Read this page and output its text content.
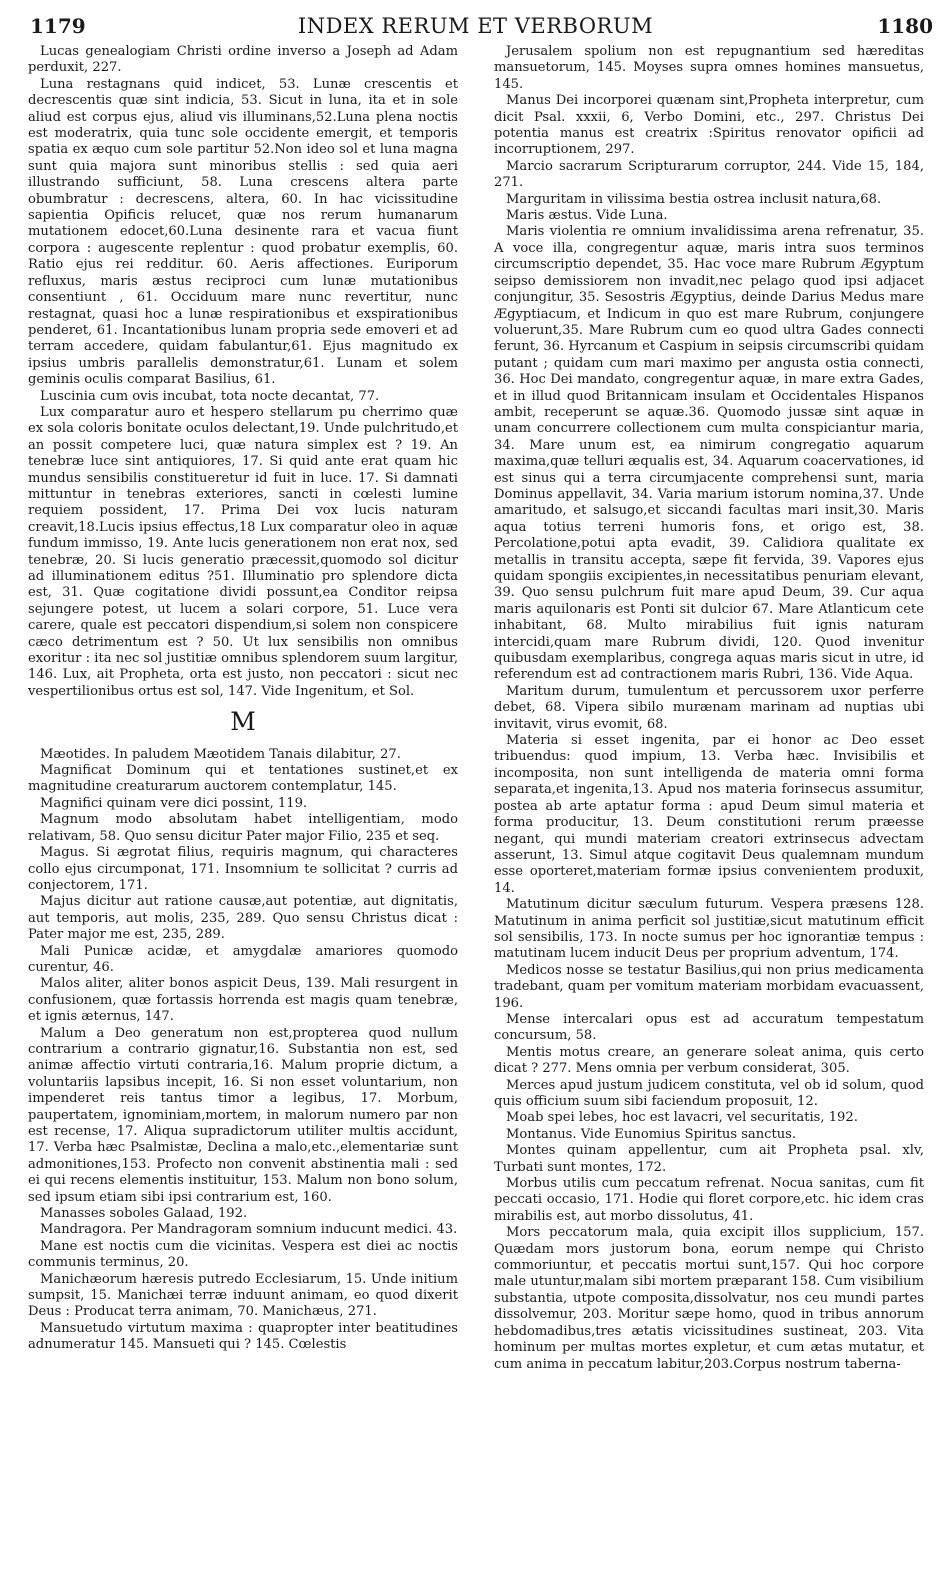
1179	INDEX RERUM ET VERBORUM	1180

Lucas genealogiam Christi ordine inverso a Joseph ad Adam perduxit, 227.

Luna restagnans quid indicet, 53. Lunæ crescentis et decrescentis quæ sint indicia, 53. Sicut in luna, ita et in sole aliud est corpus ejus, aliud vis illuminans,52.Luna plena noctis est moderatrix, quia tunc sole occidente emergit, et temporis spatia ex æquo cum sole partitur 52.Non ideo sol et luna magna sunt quia majora sunt minoribus stellis : sed quia aeri illustrando sufficiunt, 58. Luna crescens altera parte obumbratur : decrescens, altera, 60. In hac vicissitudine sapientia Opificis relucet, quæ nos rerum humanarum mutationem edocet,60.Luna desinente rara et vacua fiunt corpora : augescente replentur : quod probatur exemplis, 60. Ratio ejus rei redditur. 60. Aeris affectiones. Euriporum refluxus, maris æstus reciproci cum lunæ mutationibus consentiunt , 61. Occiduum mare nunc revertitur, nunc restagnat, quasi hoc a lunæ respirationibus et exspirationibus penderet, 61. Incantationibus lunam propria sede emoveri et ad terram accedere, quidam fabulantur,61. Ejus magnitudo ex ipsius umbris parallelis demonstratur,61. Lunam et solem geminis oculis comparat Basilius, 61.

Luscinia cum ovis incubat, tota nocte decantat, 77.

Lux comparatur auro et hespero stellarum pu cherrimo quæ ex sola coloris bonitate oculos delectant,19. Unde pulchritudo,et an possit competere luci, quæ natura simplex est ? 19. An tenebræ luce sint antiquiores, 17. Si quid ante erat quam hic mundus sensibilis constitueretur id fuit in luce. 17. Si damnati mittuntur in tenebras exteriores, sancti in cœlesti lumine requiem possident, 17. Prima Dei vox lucis naturam creavit,18.Lucis ipsius effectus,18 Lux comparatur oleo in aquæ fundum immisso, 19. Ante lucis generationem non erat nox, sed tenebræ, 20. Si lucis generatio præcessit,quomodo sol dicitur ad illuminationem editus ?51. Illuminatio pro splendore dicta est, 31. Quæ cogitatione dividi possunt,ea Conditor reipsa sejungere potest, ut lucem a solari corpore, 51. Luce vera carere, quale est peccatori dispendium,si solem non conspicere cæco detrimentum est ? 50. Ut lux sensibilis non omnibus exoritur : ita nec sol justitiæ omnibus splendorem suum largitur, 146. Lux, ait Propheta, orta est justo, non peccatori : sicut nec vespertilionibus ortus est sol, 147. Vide Ingenitum, et Sol.

M

Mæotides. In paludem Mæotidem Tanais dilabitur, 27.

Magnificat Dominum qui et tentationes sustinet,et ex magnitudine creaturarum auctorem contemplatur, 145.

Magnifici quinam vere dici possint, 119.

Magnum modo absolutam habet intelligentiam, modo relativam, 58. Quo sensu dicitur Pater major Filio, 235 et seq.

Magus. Si ægrotat filius, requiris magnum, qui characteres collo ejus circumponat, 171. Insomnium te sollicitat ? curris ad conjectorem, 171.

Majus dicitur aut ratione causæ,aut potentiæ, aut dignitatis, aut temporis, aut molis, 235, 289. Quo sensu Christus dicat : Pater major me est, 235, 289.

Mali Punicæ acidæ, et amygdalæ amariores quomodo curentur, 46.

Malos aliter, aliter bonos aspicit Deus, 139. Mali resurgent in confusionem, quæ fortassis horrenda est magis quam tenebræ, et ignis æternus, 147.

Malum a Deo generatum non est,propterea quod nullum contrarium a contrario gignatur,16. Substantia non est, sed animæ affectio virtuti contraria,16. Malum proprie dictum, a voluntariis lapsibus incepit, 16. Si non esset voluntarium, non impenderet reis tantus timor a legibus, 17. Morbum, paupertatem, ignominiam,mortem, in malorum numero par non est recense, 17. Aliqua supradictorum utiliter multis accidunt, 17. Verba hæc Psalmistæ, Declina a malo,etc.,elementariæ sunt admonitiones,153. Profecto non convenit abstinentia mali : sed ei qui recens elementis instituitur, 153. Malum non bono solum, sed ipsum etiam sibi ipsi contrarium est, 160.

Manasses soboles Galaad, 192.

Mandragora. Per Mandragoram somnium inducunt medici. 43.

Mane est noctis cum die vicinitas. Vespera est diei ac noctis communis terminus, 20.

Manichæorum hæresis putredo Ecclesiarum, 15. Unde initium sumpsit, 15. Manichæi terræ induunt animam, eo quod dixerit Deus : Producat terra animam, 70. Manichæus, 271.

Mansuetudo virtutum maxima : quapropter inter beatitudines adnumeratur 145. Mansueti qui ? 145. Cœlestis

Jerusalem spolium non est repugnantium sed hæreditas mansuetorum, 145. Moyses supra omnes homines mansuetus, 145.

Manus Dei incorporei quænam sint,Propheta interpretur, cum dicit Psal. xxxii, 6, Verbo Domini, etc., 297. Christus Dei potentia manus est creatrix :Spiritus renovator opificii ad incorruptionem, 297.

Marcio sacrarum Scripturarum corruptor, 244. Vide 15, 184, 271.

Marguritam in vilissima bestia ostrea inclusit natura,68.

Maris æstus. Vide Luna.

Maris violentia re omnium invalidissima arena refrenatur, 35. A voce illa, congregentur aquæ, maris intra suos terminos circumscriptio dependet, 35. Hac voce mare Rubrum Ægyptum seipso demissiorem non invadit,nec pelago quod ipsi adjacet conjungitur, 35. Sesostris Ægyptius, deinde Darius Medus mare Ægyptiacum, et Indicum in quo est mare Rubrum, conjungere voluerunt,35. Mare Rubrum cum eo quod ultra Gades connecti ferunt, 36. Hyrcanum et Caspium in seipsis circumscribi quidam putant ; quidam cum mari maximo per angusta ostia connecti, 36. Hoc Dei mandato, congregentur aquæ, in mare extra Gades, et in illud quod Britannicam insulam et Occidentales Hispanos ambit, receperunt se aquæ.36. Quomodo jussæ sint aquæ in unam concurrere collectionem cum multa conspiciantur maria, 34. Mare unum est, ea nimirum congregatio aquarum maxima,quæ telluri æqualis est, 34. Aquarum coacervationes, id est sinus qui a terra circumjacente comprehensi sunt, maria Dominus appellavit, 34. Varia marium istorum nomina,37. Unde amaritudo, et salsugo,et siccandi facultas mari insit,30. Maris aqua totius terreni humoris fons, et origo est, 38. Percolatione,potui apta evadit, 39. Calidiora qualitate ex metallis in transitu accepta, sæpe fit fervida, 39. Vapores ejus quidam spongiis excipientes,in necessitatibus penuriam elevant, 39. Quo sensu pulchrum fuit mare apud Deum, 39. Cur aqua maris aquilonaris est Ponti sit dulcior 67. Mare Atlanticum cete inhabitant, 68. Multo mirabilius fuit ignis naturam intercidi,quam mare Rubrum dividi, 120. Quod invenitur quibusdam exemplaribus, congrega aquas maris sicut in utre, id referendum est ad contractionem maris Rubri, 136. Vide Aqua.

Maritum durum, tumulentum et percussorem uxor perferre debet, 68. Vipera sibilo murænam marinam ad nuptias ubi invitavit, virus evomit, 68.

Materia si esset ingenita, par ei honor ac Deo esset tribuendus: quod impium, 13. Verba hæc. Invisibilis et incomposita, non sunt intelligenda de materia omni forma separata,et ingenita,13. Apud nos materia forinsecus assumitur, postea ab arte aptatur forma : apud Deum simul materia et forma producitur, 13. Deum constitutioni rerum præesse negant, qui mundi materiam creatori extrinsecus advectam asserunt, 13. Simul atque cogitavit Deus qualemnam mundum esse oporteret,materiam formæ ipsius convenientem produxit, 14.

Matutinum dicitur sæculum futurum. Vespera præsens 128. Matutinum in anima perficit sol justitiæ,sicut matutinum efficit sol sensibilis, 173. In nocte sumus per hoc ignorantiæ tempus : matutinam lucem inducit Deus per proprium adventum, 174.

Medicos nosse se testatur Basilius,qui non prius medicamenta tradebant, quam per vomitum materiam morbidam evacuassent, 196.

Mense intercalari opus est ad accuratum tempestatum concursum, 58.

Mentis motus creare, an generare soleat anima, quis certo dicat ? 277. Mens omnia per verbum considerat, 305.

Merces apud justum judicem constituta, vel ob id solum, quod quis officium suum sibi faciendum proposuit, 12.

Moab spei lebes, hoc est lavacri, vel securitatis, 192.

Montanus. Vide Eunomius Spiritus sanctus.

Montes quinam appellentur, cum ait Propheta psal. xlv, Turbati sunt montes, 172.

Morbus utilis cum peccatum refrenat. Nocua sanitas, cum fit peccati occasio, 171. Hodie qui floret corpore,etc. hic idem cras mirabilis est, aut morbo dissolutus, 41.

Mors peccatorum mala, quia excipit illos supplicium, 157. Quædam mors justorum bona, eorum nempe qui Christo commoriuntur, et peccatis mortui sunt,157. Qui hoc corpore male utuntur,malam sibi mortem præparant 158. Cum visibilium substantia, utpote composita,dissolvatur, nos ceu mundi partes dissolvemur, 203. Moritur sæpe homo, quod in tribus annorum hebdomadibus,tres ætatis vicissitudines sustineat, 203. Vita hominum per multas mortes expletur, et cum ætas mutatur, et cum anima in peccatum labitur,203.Corpus nostrum taberna-
